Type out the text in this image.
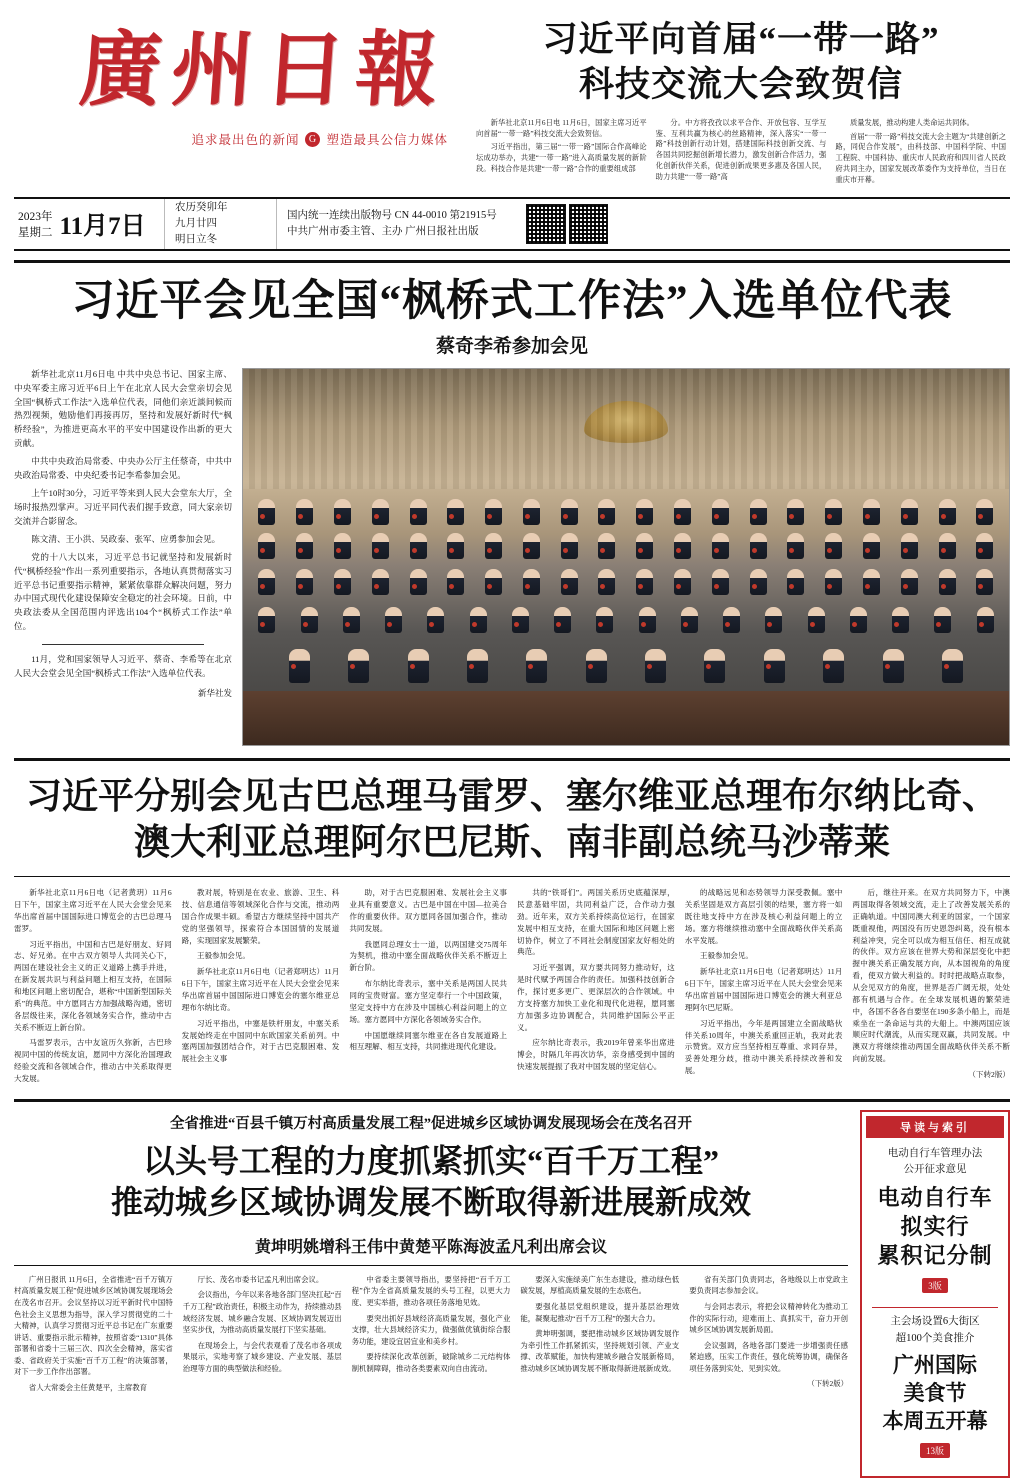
廣州日報
追求最出色的新闻 G 塑造最具公信力媒体
习近平向首届“一带一路”
科技交流大会致贺信

新华社北京11月6日电 11月6日，国家主席习近平向首届“一带一路”科技交流大会致贺信。

习近平指出，第三届“一带一路”国际合作高峰论坛成功举办，共建“一带一路”进入高质量发展的新阶段。科技合作是共建“一带一路”合作的重要组成部

分。中方将孜孜以求平合作、开放包容、互学互鉴、互利共赢为核心的丝路精神，深入落实“一带一路”科技创新行动计划，搭建国际科技创新交流、与各国共同挖掘创新增长潜力，激发创新合作活力，强化创新伙伴关系，促进创新成果更多惠及各国人民，助力共建“一带一路”高

质量发展，推动构建人类命运共同体。

首届“一带一路”科技交流大会主题为“共建创新之路，同促合作发展”，由科技部、中国科学院、中国工程院、中国科协、重庆市人民政府和四川省人民政府共同主办，国家发展改革委作为支持单位，当日在重庆市开幕。

2023年
星期二 11月7日
农历癸卯年
九月廿四
明日立冬
国内统一连续出版物号 CN 44-0010 第21915号
中共广州市委主管、主办 广州日报社出版
习近平会见全国“枫桥式工作法”入选单位代表
蔡奇李希参加会见

新华社北京11月6日电 中共中央总书记、国家主席、中央军委主席习近平6日上午在北京人民大会堂亲切会见全国“枫桥式工作法”入选单位代表，同他们亲近談间候而热烈视频，勉励他们再接再厉，坚持和发展好新时代“枫桥经验”，为推进更高水平的平安中国建设作出新的更大贡献。

中共中央政治局常委、中央办公厅主任蔡奇，中共中央政治局常委、中央纪委书记李希参加会见。

上午10时30分，习近平等来到人民大会堂东大厅，全场时报热烈掌声。习近平同代表们握手致意，同大家亲切交流并合影留念。

陈文清、王小洪、吴政泰、张军、应勇参加会见。

党的十八大以来，习近平总书记就坚持和发展新时代“枫桥经验”作出一系列重要指示，各地认真贯彻落实习近平总书记重要指示精神，紧紧依靠群众解决问题，努力办中国式现代化建设保障安全稳定的社会环境。日前，中央政法委从全国范围内评选出104个“枫桥式工作法”单位。

11月，党和国家领导人习近平、蔡奇、李希等在北京人民大会堂会见全国“枫桥式工作法”入选单位代表。

新华社发
习近平分别会见古巴总理马雷罗、塞尔维亚总理布尔纳比奇、
澳大利亚总理阿尔巴尼斯、南非副总统马沙蒂莱

新华社北京11月6日电（记者黄玥）11月6日下午，国家主席习近平在人民大会堂会见来华出席首届中国国际进口博览会的古巴总理马雷罗。

习近平指出，中国和古巴是好朋友、好同志、好兄弟。在中古双方领导人共同关心下，两国在建设社会主义的正义道路上携手并进，在新发展共识与利益问题上相互支持，在国际和地区问题上密切配合，堪称“中国新型国际关系”的典范。中方愿同古方加强战略沟通，密切各层级往来，深化各领域务实合作，推动中古关系不断迈上新台阶。

马雷罗表示，古中友谊历久弥新，古巴珍视同中国的传统友谊，愿同中方深化治国理政经验交流和各领域合作，推动古中关系取得更大发展。

教对展，特别是在农业、旅游、卫生、科技、信息通信等领域深化合作与交流，推动两国合作成果丰硕。希望古方继续坚持中国共产党的坚强领导，探索符合本国国情的发展道路，实现国家发展繁荣。

王毅参加会见。

新华社北京11月6日电（记者郑明达）11月6日下午，国家主席习近平在人民大会堂会见来华出席首届中国国际进口博览会的塞尔维亚总理布尔纳比奇。

习近平指出，中塞是铁杆朋友，中塞关系发展始终走在中国同中东欧国家关系前列。中塞两国加强团结合作，对于古巴克服困难、发展社会主义事

助，对于古巴克服困难、发展社会主义事业具有重要意义。古巴是中国在中国—拉美合作的重要伙伴。双方愿同各国加强合作，推动共同发展。

我愿同总理女士一道，以两国建交75周年为契机，推动中塞全面战略伙伴关系不断迈上新台阶。

布尔纳比奇表示，塞中关系是两国人民共同的宝贵财富。塞方坚定奉行一个中国政策，坚定支持中方在涉及中国核心利益问题上的立场。塞方愿同中方深化各领域务实合作。

中国愿继续同塞尔维亚在各自发展道路上相互理解、相互支持，共同推进现代化建设。

共的“铁哥们”。两国关系历史底蕴深厚，民意基础牢固，共同利益广泛，合作动力强劲。近年来，双方关系持续高位运行，在国家发展中相互支持，在重大国际和地区问题上密切协作，树立了不同社会制度国家友好相处的典范。

习近平强调，双方要共同努力推动好，这是时代赋予两国合作的责任。加强科技创新合作，探讨更多更广、更深层次的合作领域。中方支持塞方加快工业化和现代化进程，愿同塞方加强多边协调配合，共同维护国际公平正义。

应尔纳比奇表示，我2019年曾来华出席进博会，时隔几年再次访华，亲身感受到中国的快速发展提振了我对中国发展的坚定信心。

的战略远见和态势领导力深受教佩。塞中关系坚固是双方高层引领的结果，塞方将一如既往地支持中方在涉及核心利益问题上的立场。塞方将继续推动塞中全面战略伙伴关系高水平发展。

王毅参加会见。

新华社北京11月6日电（记者郑明达）11月6日下午，国家主席习近平在人民大会堂会见来华出席首届中国国际进口博览会的澳大利亚总理阿尔巴尼斯。

习近平指出，今年是两国建立全面战略伙伴关系10周年，中澳关系重回正轨，我对此表示赞赏。双方应当坚持相互尊重、求同存异，妥善处理分歧，推动中澳关系持续改善和发展。

后，继往开来。在双方共同努力下，中澳两国取得各领域交流，走上了改善发展关系的正确轨道。中国同澳大利亚的国家，一个国家既重视他，两国没有历史恩怨纠葛，没有根本利益冲突，完全可以成为相互信任、相互成就的伙伴。双方应该在世界大势和深层变化中把握中澳关系正确发展方向，从本国视角的角度看，使双方做大利益的。时时把战略点取参，从会见双方的角度，世界是否广阔无垠，处处都有机遇与合作。在全球发展机遇的繁荣进中，各国不各各自要坚在190多条小船上，而是乘坐在一条命运与共的大船上。中澳两国应该顺应时代潮流，从而实现双赢，共同发展。中澳双方将继续推动两国全面战略伙伴关系不断向前发展。

（下转2版）

全省推进“百县千镇万村高质量发展工程”促进城乡区域协调发展现场会在茂名召开
以头号工程的力度抓紧抓实“百千万工程”
推动城乡区域协调发展不断取得新进展新成效
黄坤明姚增科王伟中黄楚平陈海波孟凡利出席会议

广州日报讯 11月6日，全省推进“百千万镇万村高质量发展工程”促进城乡区域协调发展现场会在茂名市召开。会议坚持以习近平新时代中国特色社会主义思想为指导，深入学习贯彻党的二十大精神，认真学习贯彻习近平总书记在广东重要讲话、重要指示批示精神，按照省委“1310”具体部署和省委十三届三次、四次全会精神，落实省委、省政府关于实施“百千万工程”的决策部署，对下一步工作作出部署。

省人大常委会主任黄楚平，主席教育

厅长、茂名市委书记孟凡利出席会议。

会议指出，今年以来各地各部门坚决扛起“百千万工程”政治责任，积极主动作为，持续推动县域经济发展、城乡融合发展、区域协调发展迈出坚实步伐，为推动高质量发展打下坚实基础。

在现场会上，与会代表观看了茂名市各项成果展示，实地考察了城乡建设、产业发展、基层治理等方面的典型做法和经验。

中省委主要领导指出，要坚持把“百千万工程”作为全省高质量发展的头号工程，以更大力度、更实举措，推动各项任务落地见效。

要突出抓好县域经济高质量发展，强化产业支撑，壮大县域经济实力，做强做优镇街综合服务功能，建设宜居宜业和美乡村。

要持续深化改革创新，破除城乡二元结构体制机制障碍，推动各类要素双向自由流动。

要深入实施绿美广东生态建设，推动绿色低碳发展，厚植高质量发展的生态底色。

要强化基层党组织建设，提升基层治理效能，凝聚起推动“百千万工程”的强大合力。

黄坤明强调，要把推动城乡区域协调发展作为牵引性工作抓紧抓实，坚持规划引领、产业支撑、改革赋能，加快构建城乡融合发展新格局，推动城乡区域协调发展不断取得新进展新成效。

省有关部门负责同志，各地级以上市党政主要负责同志参加会议。

与会同志表示，将把会议精神转化为推动工作的实际行动，迎难而上、真抓实干，奋力开创城乡区域协调发展新局面。

会议强调，各地各部门要进一步增强责任感紧迫感，压实工作责任，强化统筹协调，确保各项任务落到实处、见到实效。

（下转2版）

导读与索引
电动自行车管理办法
公开征求意见
电动自行车
拟实行
累积记分制
3版
主会场设置6大街区
超100个美食推介
广州国际
美食节
本周五开幕
13版
